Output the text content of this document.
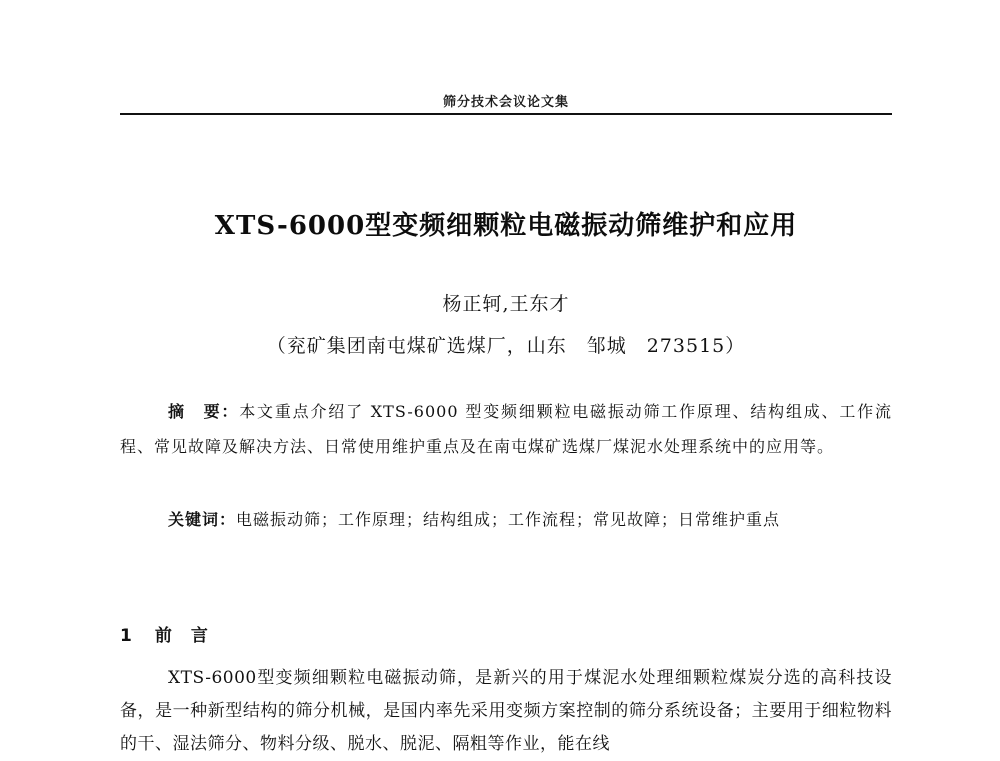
筛分技术会议论文集
XTS-6000型变频细颗粒电磁振动筛维护和应用
杨正轲,王东才
（兖矿集团南屯煤矿选煤厂，山东　邹城　273515）

摘　要：本文重点介绍了 XTS-6000 型变频细颗粒电磁振动筛工作原理、结构组成、工作流程、常见故障及解决方法、日常使用维护重点及在南屯煤矿选煤厂煤泥水处理系统中的应用等。

关键词：电磁振动筛；工作原理；结构组成；工作流程；常见故障；日常维护重点

1 前　言

XTS-6000型变频细颗粒电磁振动筛，是新兴的用于煤泥水处理细颗粒煤炭分选的高科技设备，是一种新型结构的筛分机械，是国内率先采用变频方案控制的筛分系统设备；主要用于细粒物料的干、湿法筛分、物料分级、脱水、脱泥、隔粗等作业，能在线
